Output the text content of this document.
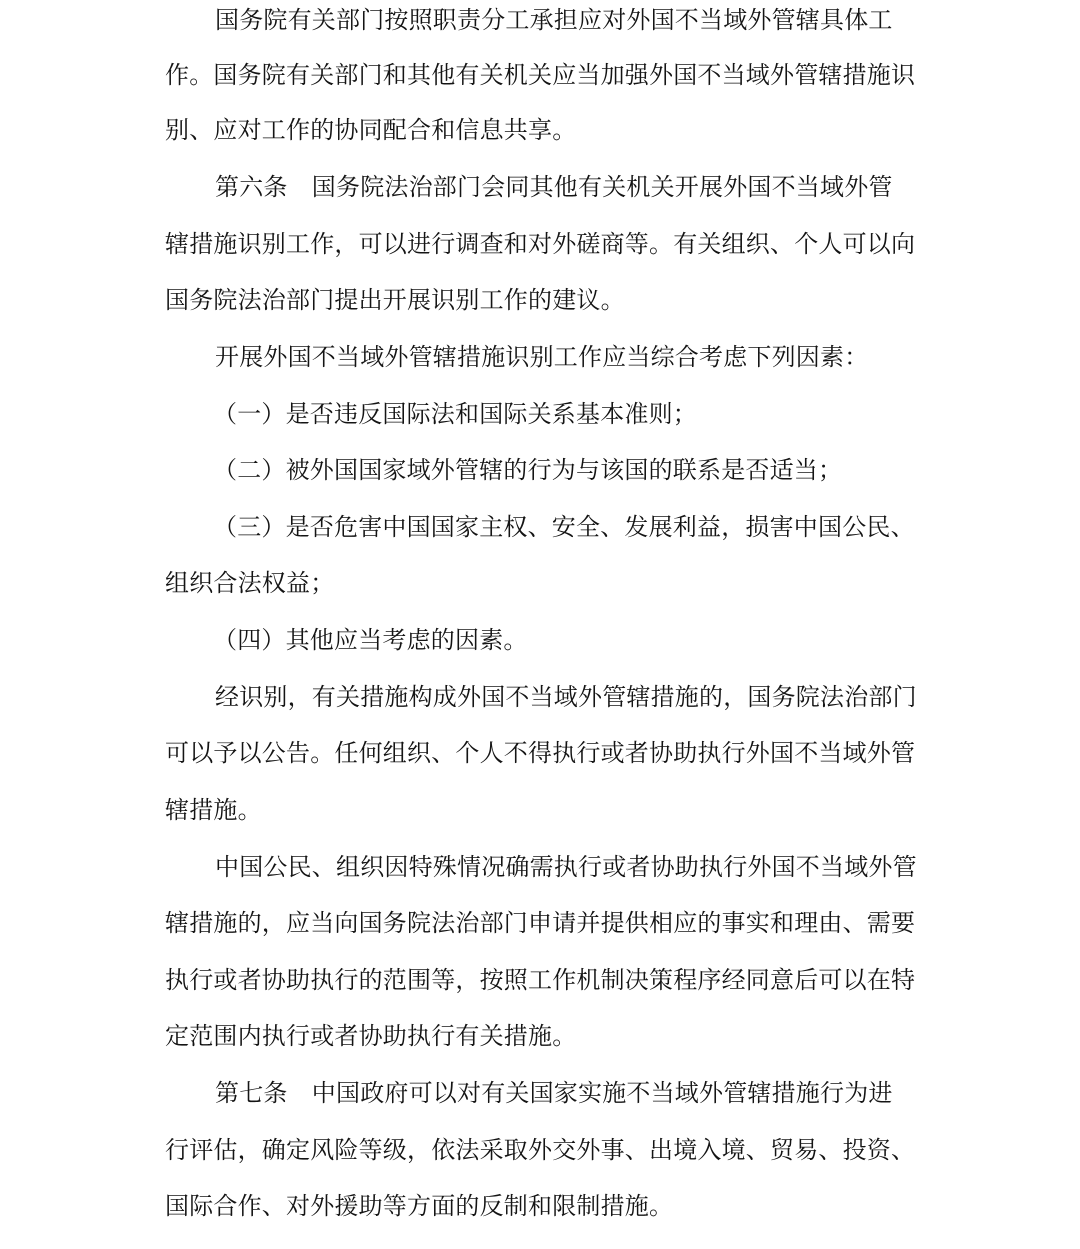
国务院有关部门按照职责分工承担应对外国不当域外管辖具体工

作。国务院有关部门和其他有关机关应当加强外国不当域外管辖措施识

别、应对工作的协同配合和信息共享。

第六条　国务院法治部门会同其他有关机关开展外国不当域外管

辖措施识别工作，可以进行调查和对外磋商等。有关组织、个人可以向

国务院法治部门提出开展识别工作的建议。

开展外国不当域外管辖措施识别工作应当综合考虑下列因素：

（一）是否违反国际法和国际关系基本准则；

（二）被外国国家域外管辖的行为与该国的联系是否适当；

（三）是否危害中国国家主权、安全、发展利益，损害中国公民、

组织合法权益；

（四）其他应当考虑的因素。

经识别，有关措施构成外国不当域外管辖措施的，国务院法治部门

可以予以公告。任何组织、个人不得执行或者协助执行外国不当域外管

辖措施。

中国公民、组织因特殊情况确需执行或者协助执行外国不当域外管

辖措施的，应当向国务院法治部门申请并提供相应的事实和理由、需要

执行或者协助执行的范围等，按照工作机制决策程序经同意后可以在特

定范围内执行或者协助执行有关措施。

第七条　中国政府可以对有关国家实施不当域外管辖措施行为进

行评估，确定风险等级，依法采取外交外事、出境入境、贸易、投资、

国际合作、对外援助等方面的反制和限制措施。
